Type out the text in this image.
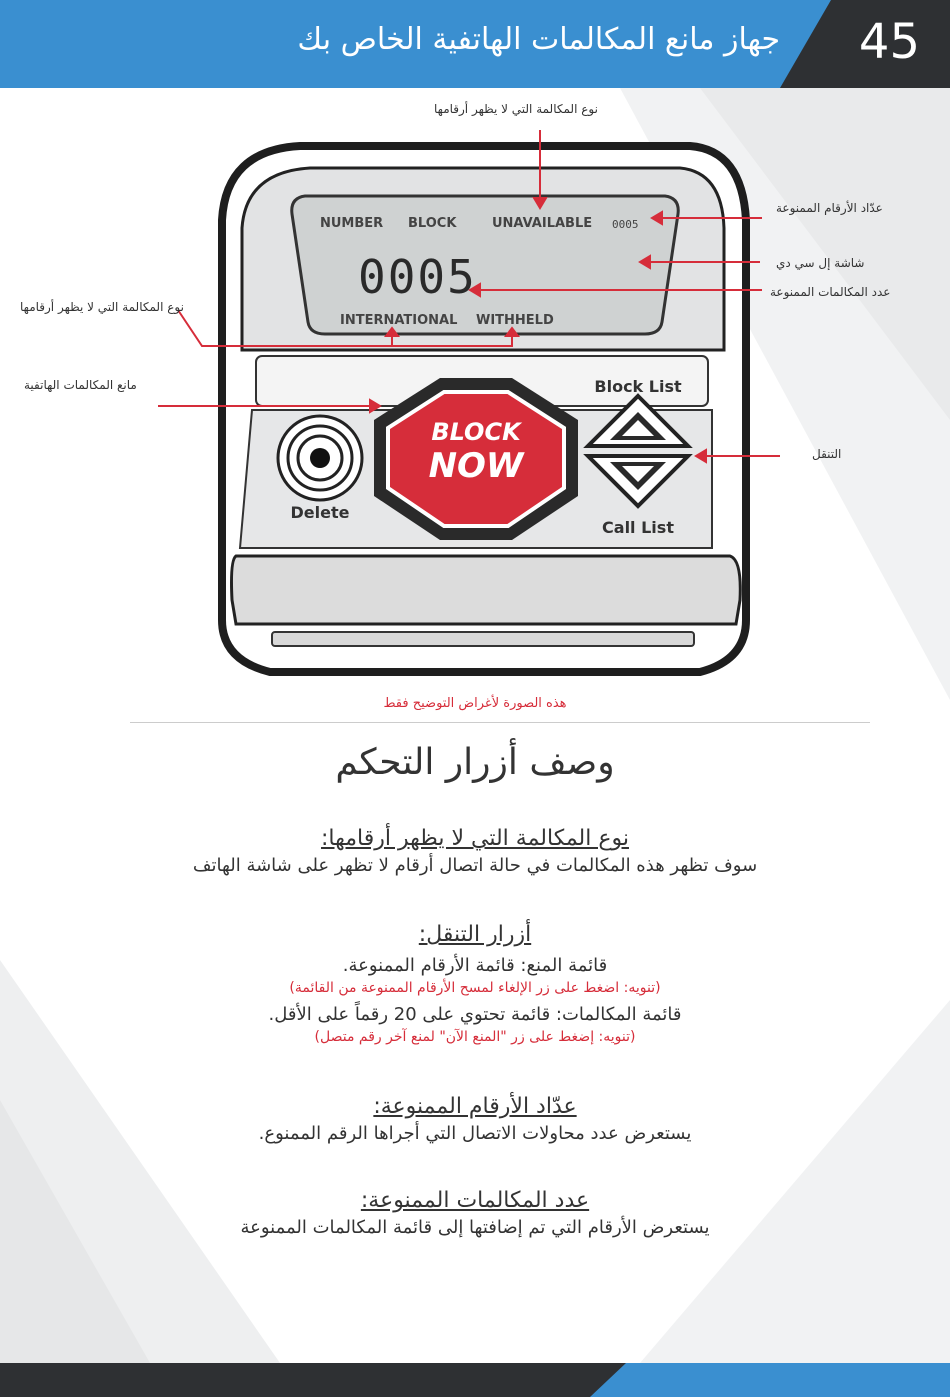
جهاز مانع المكالمات الهاتفية الخاص بك 45
NUMBER BLOCK	UNAVAILABLE 0005
0005
INTERNATIONAL WITHHELD
BLOCK
NOW
Delete
Block List
Call List
نوع المكالمة التي لا يظهر أرقامها
عدّاد الأرقام الممنوعة
شاشة إل سي دي
عدد المكالمات الممنوعة
نوع المكالمة التي لا يظهر أرقامها
مانع المكالمات الهاتفية
التنقل
هذه الصورة لأغراض التوضيح فقط
وصف أزرار التحكم
نوع المكالمة التي لا يظهر أرقامها:
سوف تظهر هذه المكالمات في حالة اتصال أرقام لا تظهر على شاشة الهاتف
أزرار التنقل:
قائمة المنع: قائمة الأرقام الممنوعة.
(تنويه: اضغط على زر الإلغاء لمسح الأرقام الممنوعة من القائمة)
قائمة المكالمات: قائمة تحتوي على 20 رقماً على الأقل.
(تنويه: إضغط على زر "المنع الآن" لمنع آخر رقم متصل)
عدّاد الأرقام الممنوعة:
يستعرض عدد محاولات الاتصال التي أجراها الرقم الممنوع.
عدد المكالمات الممنوعة:
يستعرض الأرقام التي تم إضافتها إلى قائمة المكالمات الممنوعة
